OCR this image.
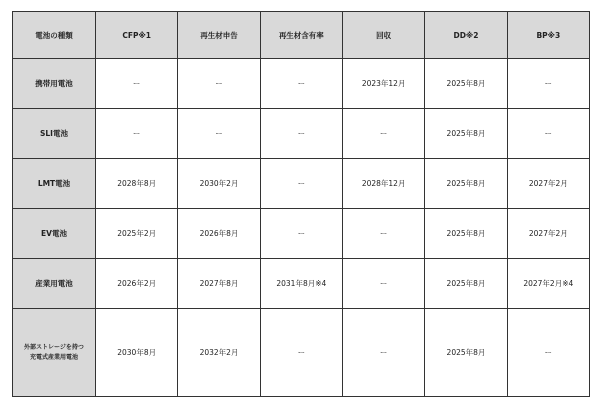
電池の種類	CFP※1	再生材申告	再生材含有率	回収	DD※2	BP※3
携帯用電池	ー	ー	ー	2023年12月	2025年8月	ー
SLI電池	ー	ー	ー	ー	2025年8月	ー
LMT電池	2028年8月	2030年2月	ー	2028年12月	2025年8月	2027年2月
EV電池	2025年2月	2026年8月	ー	ー	2025年8月	2027年2月
産業用電池	2026年2月	2027年8月	2031年8月※4	ー	2025年8月	2027年2月※4
外部ストレージを持つ
充電式産業用電池	2030年8月	2032年2月	ー	ー	2025年8月	ー
